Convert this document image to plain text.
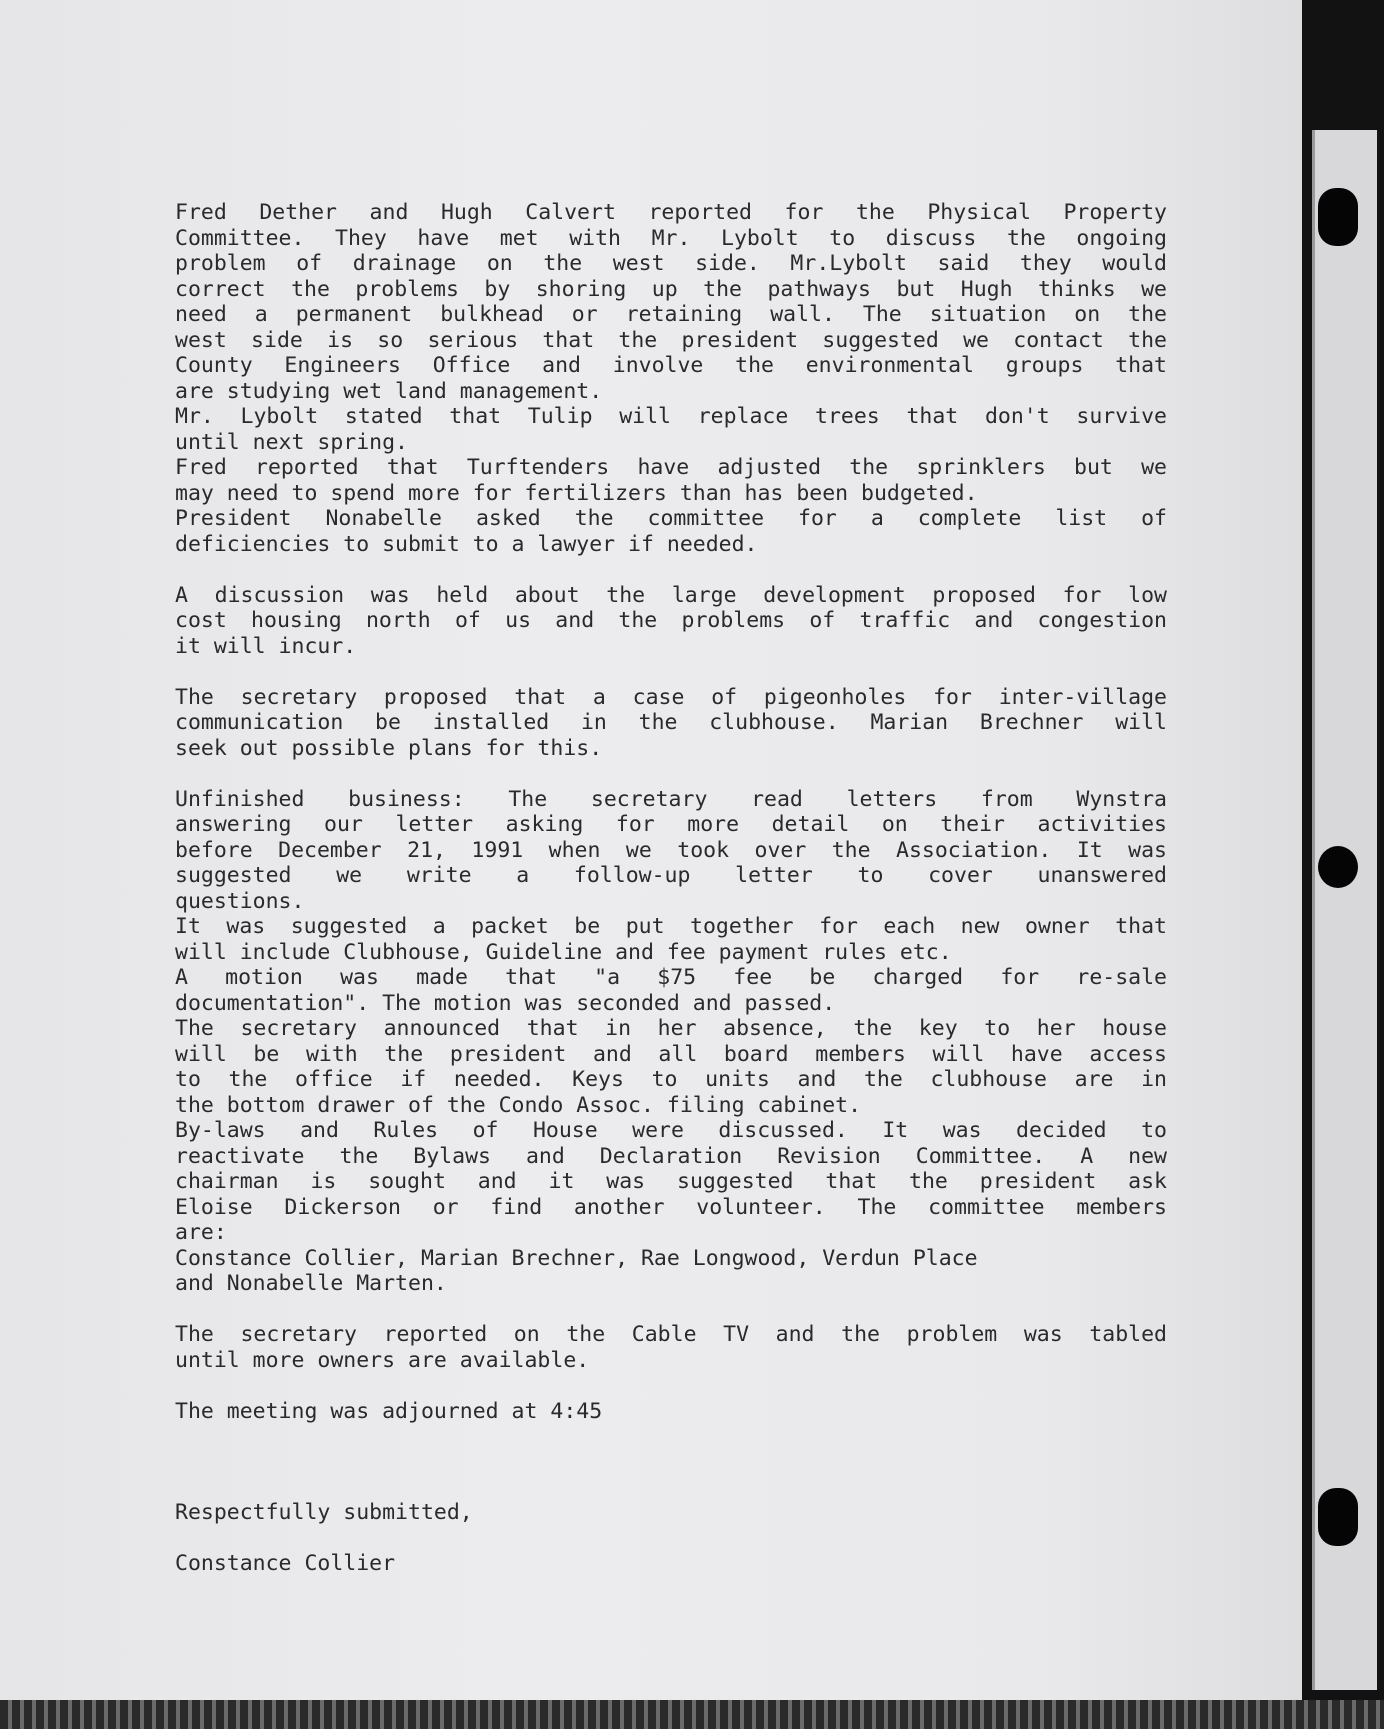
Fred Dether and Hugh Calvert reported for the Physical Property
Committee. They have met with Mr. Lybolt to discuss the ongoing
problem of drainage on the west side. Mr.Lybolt said they would
correct the problems by shoring up the pathways but Hugh thinks we
need a permanent bulkhead or retaining wall. The situation on the
west side is so serious that the president suggested we contact the
County Engineers Office and involve the environmental groups that
are studying wet land management.
Mr. Lybolt stated that Tulip will replace trees that don't survive
until next spring.
Fred reported that Turftenders have adjusted the sprinklers but we
may need to spend more for fertilizers than has been budgeted.
President Nonabelle asked the committee for a complete list of
deficiencies to submit to a lawyer if needed.
A discussion was held about the large development proposed for low
cost housing north of us and the problems of traffic and congestion
it will incur.
The secretary proposed that a case of pigeonholes for inter-village
communication be installed in the clubhouse. Marian Brechner will
seek out possible plans for this.
Unfinished business: The secretary read letters from Wynstra
answering our letter asking for more detail on their activities
before December 21, 1991 when we took over the Association. It was
suggested we write a follow-up letter to cover unanswered
questions.
It was suggested a packet be put together for each new owner that
will include Clubhouse, Guideline and fee payment rules etc.
A motion was made that "a $75 fee be charged for re-sale
documentation". The motion was seconded and passed.
The secretary announced that in her absence, the key to her house
will be with the president and all board members will have access
to the office if needed. Keys to units and the clubhouse are in
the bottom drawer of the Condo Assoc. filing cabinet.
By-laws and Rules of House were discussed. It was decided to
reactivate the Bylaws and Declaration Revision Committee. A new
chairman is sought and it was suggested that the president ask
Eloise Dickerson or find another volunteer. The committee members
are:
Constance Collier, Marian Brechner, Rae Longwood, Verdun Place
and Nonabelle Marten.
The secretary reported on the Cable TV and the problem was tabled
until more owners are available.
The meeting was adjourned at 4:45
Respectfully submitted,
Constance Collier
